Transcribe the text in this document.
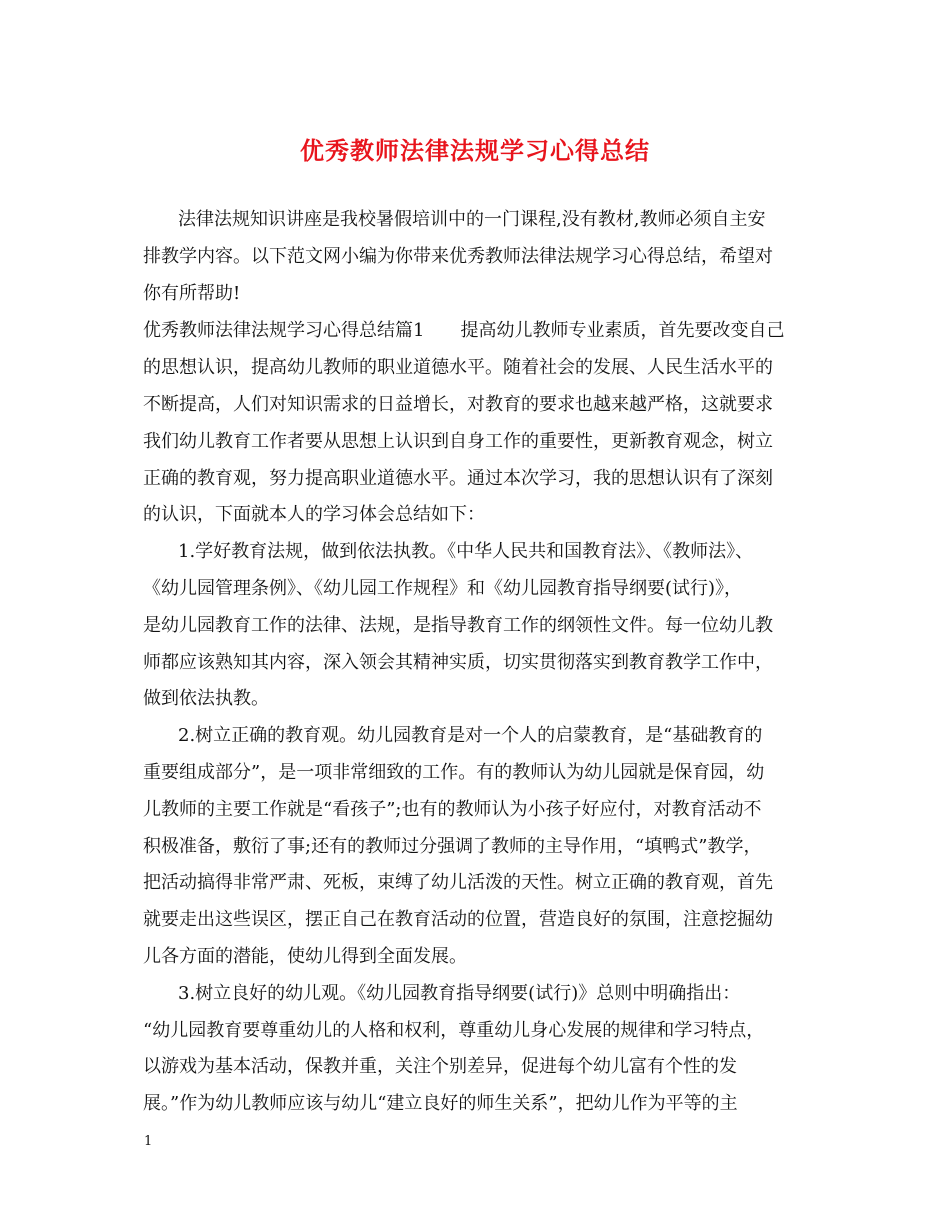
优秀教师法律法规学习心得总结
法律法规知识讲座是我校暑假培训中的一门课程,没有教材,教师必须自主安
排教学内容。以下范文网小编为你带来优秀教师法律法规学习心得总结，希望对
你有所帮助!
优秀教师法律法规学习心得总结篇1　　提高幼儿教师专业素质，首先要改变自己
的思想认识，提高幼儿教师的职业道德水平。随着社会的发展、人民生活水平的
不断提高，人们对知识需求的日益增长，对教育的要求也越来越严格，这就要求
我们幼儿教育工作者要从思想上认识到自身工作的重要性，更新教育观念，树立
正确的教育观，努力提高职业道德水平。通过本次学习，我的思想认识有了深刻
的认识，下面就本人的学习体会总结如下：
1.学好教育法规，做到依法执教。《中华人民共和国教育法》、《教师法》、
《幼儿园管理条例》、《幼儿园工作规程》和《幼儿园教育指导纲要(试行)》，
是幼儿园教育工作的法律、法规，是指导教育工作的纲领性文件。每一位幼儿教
师都应该熟知其内容，深入领会其精神实质，切实贯彻落实到教育教学工作中，
做到依法执教。
2.树立正确的教育观。幼儿园教育是对一个人的启蒙教育，是“基础教育的
重要组成部分”，是一项非常细致的工作。有的教师认为幼儿园就是保育园，幼
儿教师的主要工作就是“看孩子”;也有的教师认为小孩子好应付，对教育活动不
积极准备，敷衍了事;还有的教师过分强调了教师的主导作用，“填鸭式”教学，
把活动搞得非常严肃、死板，束缚了幼儿活泼的天性。树立正确的教育观，首先
就要走出这些误区，摆正自己在教育活动的位置，营造良好的氛围，注意挖掘幼
儿各方面的潜能，使幼儿得到全面发展。
3.树立良好的幼儿观。《幼儿园教育指导纲要(试行)》总则中明确指出：
“幼儿园教育要尊重幼儿的人格和权利，尊重幼儿身心发展的规律和学习特点，
以游戏为基本活动，保教并重，关注个别差异，促进每个幼儿富有个性的发
展。”作为幼儿教师应该与幼儿“建立良好的师生关系”，把幼儿作为平等的主
1
